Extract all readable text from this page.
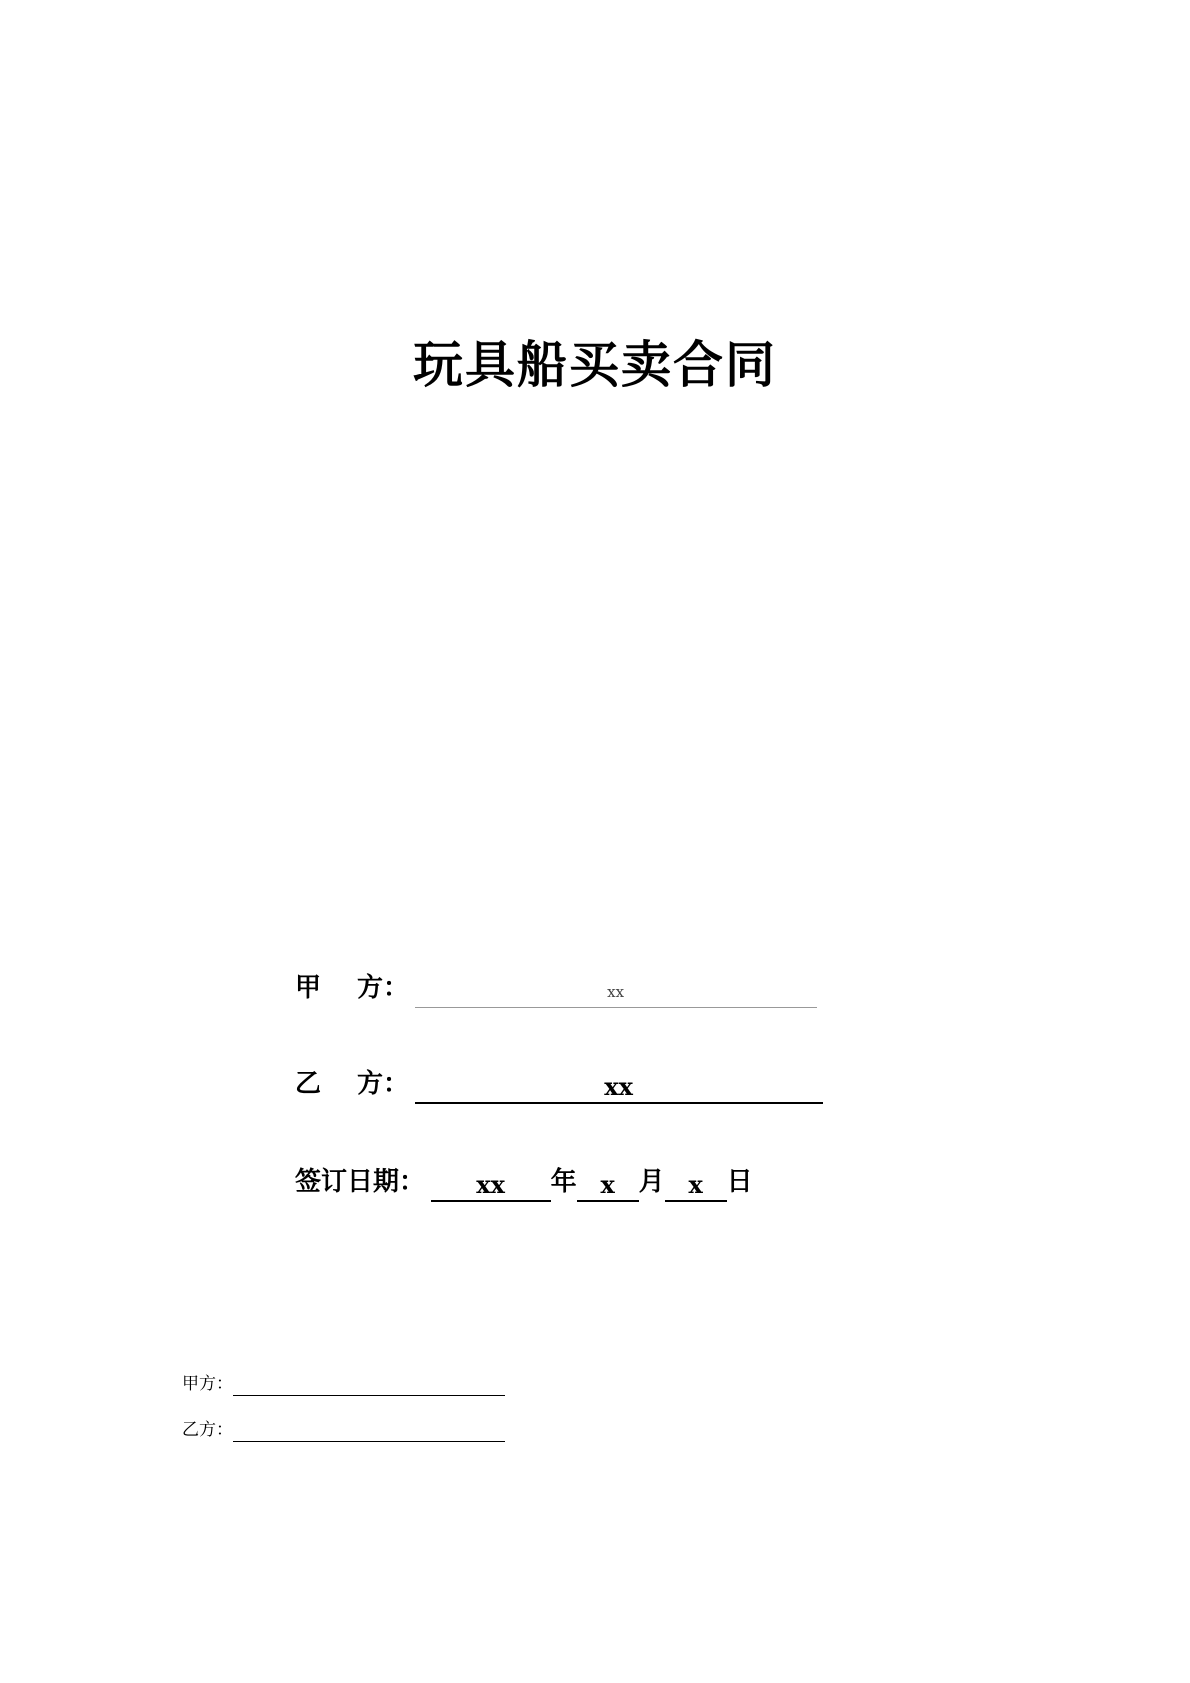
玩具船买卖合同
甲 方：	xx
乙 方：	xx
签订日期： xx 年 x 月 x 日
甲方：
乙方：
